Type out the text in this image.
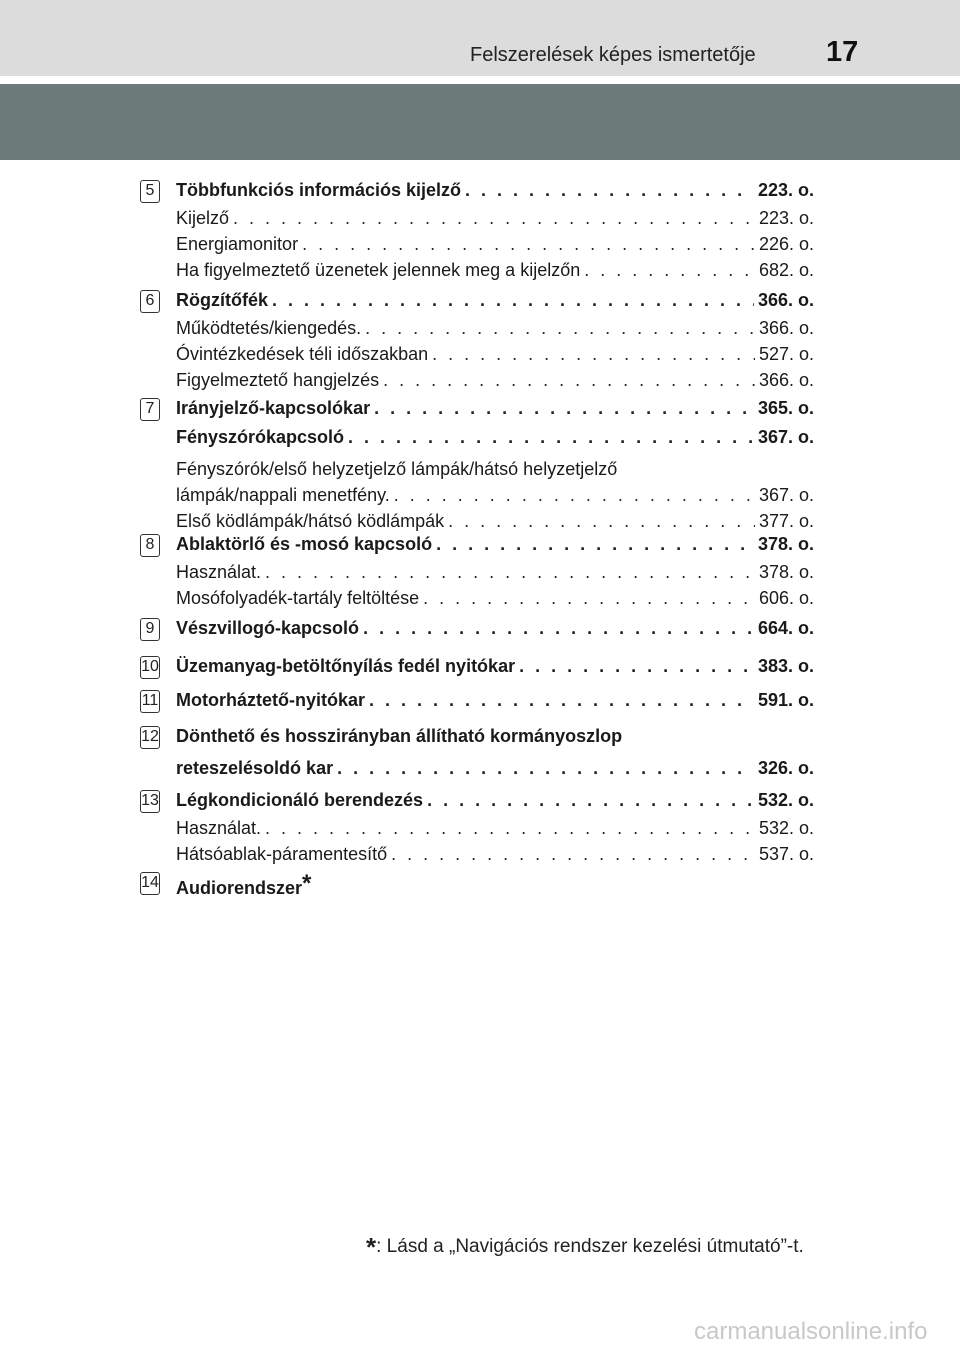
Felszerelések képes ismertetője 17
5	Többfunkciós információs kijelző . . .	223. o.
Kijelző . . .	223. o.
Energiamonitor . . .	226. o.
Ha figyelmeztető üzenetek jelennek meg a kijelzőn . . .	682. o.
6	Rögzítőfék . . .	366. o.
Működtetés/kiengedés. . . .	366. o.
Óvintézkedések téli időszakban . . .	527. o.
Figyelmeztető hangjelzés . . .	366. o.
7	Irányjelző-kapcsolókar . . .	365. o.
Fényszórókapcsoló . . .	367. o.
Fényszórók/első helyzetjelző lámpák/hátsó helyzetjelző
lámpák/nappali menetfény. . . .	367. o.
Első ködlámpák/hátsó ködlámpák . . .	377. o.
8	Ablaktörlő és -mosó kapcsoló . . .	378. o.
Használat. . . .	378. o.
Mosófolyadék-tartály feltöltése . . .	606. o.
9	Vészvillogó-kapcsoló . . .	664. o.
10 Üzemanyag-betöltőnyílás fedél nyitókar . . .	383. o.
11 Motorháztető-nyitókar . . .	591. o.
12 Dönthető és hosszirányban állítható kormányoszlop
reteszelésoldó kar . . .	326. o.
13 Légkondicionáló berendezés . . .	532. o.
Használat. . . .	532. o.
Hátsóablak-páramentesítő . . .	537. o.
14 Audiorendszer*
*: Lásd a „Navigációs rendszer kezelési útmutató”-t.
carmanualsonline.info
